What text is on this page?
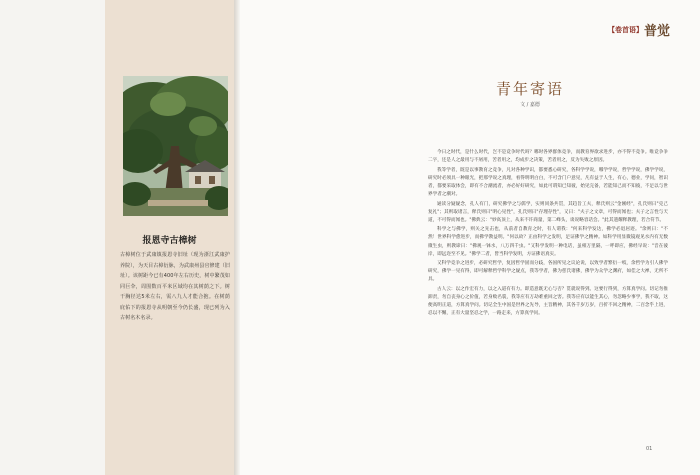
报恩寺古樟树
古樟树位于武康镇报恩寺旧址（现为浙江武康护养院），为天目古樟衍脉，为武康州县官修建（旧址）。该树距今已有400年左右历史，树中繁茂如同巨伞，周围数百平米区域均在其树荫之下。树干胸径达5米左右，需八九人才能合抱。在树荫庇佑下的报恩寺从明朝至今仍长盛，现已列为入古树名木名录。
【卷首语】 普觉
青年寄语
文 / 嘉德

今日之时代，是什么时代，岂不是竞争时代吗？哪时各界群体竞争，而教育界欲求进步，亦不得不竞争。唯竞争争二字，还是人之最用与不屑用，苦者用之，均成步之决策，苦者用之，反为失败之原因。

我等学者，既是以事教育之竞争，凡对各种学识，都要悉心研究，各科学学说，哪学学说，哲学学说，佛学学说，研究时必须具一种眼光，把那学说之真理，看得明明白白，不可含门户意见，凡有益于人生，有心，德业，学问，智识者，都要采取体会，即有不合潮流者，亦必好好研究，如此可谓知已知彼，始见完备，若能知己而不知彼，不足以与世界学者之潮对。

通读分疑疑念，孔人有门，研究佛学之与儒学，实则同条共贯，其趋旨工夫，释氏则云"金刚经"，孔氏则曰"克己复礼"；其则取诸言，释氏则曰"明心见性"，孔氏则曰"存理存性"，又曰："夫子之文章，可得而闻也；夫子之言性与天道，不可得而闻也。"佛典云："妙高顶上，从来不许商量，第二峰头，谈说略容话会。"此其遗耀释教理，若合符节。

科学之与佛学，则关之先击也，从前者自教育之时，有人谓我："何来科学发达，佛学必退居迹。"余则曰："不然！世界科学愈进步，而佛学教益明。"何以故？正由科学之发明，足证佛学之精神。如科学用显微镜观见水内有无数微生虫，则教谛曰："佛观一钵水，八万四千虫。"又科学发明一种电话，虽相万里隔，一呼即应，佛经早说："音在彼岸，即远迩至不见。"佛学二者，皆当科学发明，方证佛语真实。

又科学竞争之进步，必研究哲学，复因哲学固而分歧，各国所见之议论说，以致学者繁衍一岐，余哲学为引人佛学研究，佛学一见有得，即可解释哲学科学之疑点，我等学者，佛为慈氏诸佛，佛学为众学之渊府，如佳之大禅，无所不具。

古人云：以之作宏有力，以之入道有有力。即造意既无心与否？贯就说得到。这要行得到，方算真学问。切记勿推卸责，勿自丧身心之价值，若身败名裂，我等应有万劫难重回之害。我等应有以能生其心，勿忽略少事学，我不取，这便高明正道，方算真学问。切记全生中国是世界之先导，主旨精神，其各千岁万岁，百折不回之精神，二百念乎上进，忍以不懈，正有大量坚忍之学，一路走来，方算真学问。

01
